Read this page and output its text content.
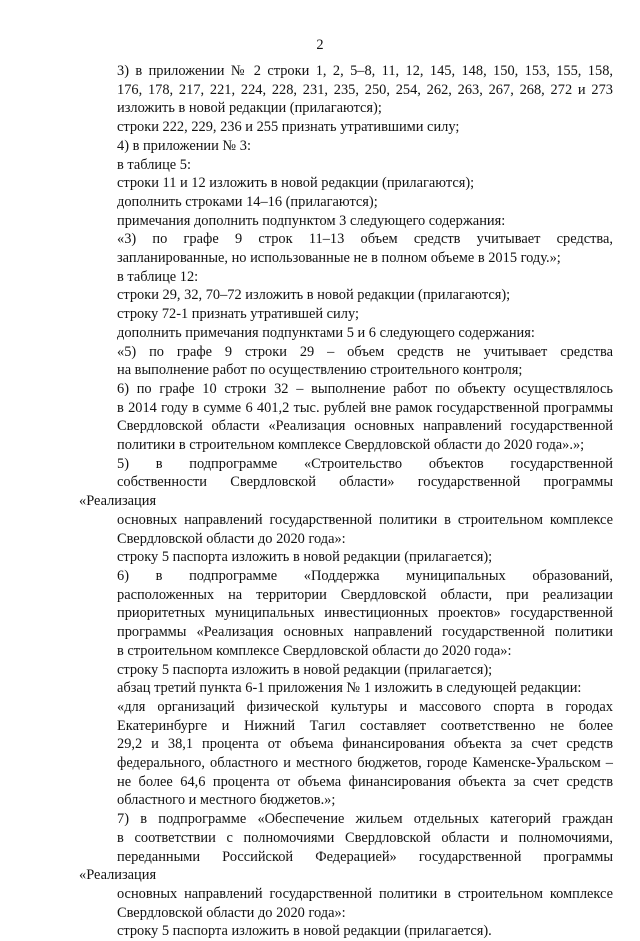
2

3) в приложении № 2 строки 1, 2, 5–8, 11, 12, 145, 148, 150, 153, 155, 158,
176, 178, 217, 221, 224, 228, 231, 235, 250, 254, 262, 263, 267, 268, 272 и 273
изложить в новой редакции (прилагаются);

строки 222, 229, 236 и 255 признать утратившими силу;
4) в приложении № 3:
в таблице 5:
строки 11 и 12 изложить в новой редакции (прилагаются);
дополнить строками 14–16 (прилагаются);
примечания дополнить подпунктом 3 следующего содержания:

«3) по графе 9 строк 11–13 объем средств учитывает средства,
запланированные, но использованные не в полном объеме в 2015 году.»;

в таблице 12:
строки 29, 32, 70–72 изложить в новой редакции (прилагаются);
строку 72-1 признать утратившей силу;
дополнить примечания подпунктами 5 и 6 следующего содержания:

«5) по графе 9 строки 29 – объем средств не учитывает средства
на выполнение работ по осуществлению строительного контроля;

6) по графе 10 строки 32 – выполнение работ по объекту осуществлялось
в 2014 году в сумме 6 401,2 тыс. рублей вне рамок государственной программы
Свердловской области «Реализация основных направлений государственной
политики в строительном комплексе Свердловской области до 2020 года».»;

5) в подпрограмме «Строительство объектов государственной
собственности Свердловской области» государственной программы «Реализация
основных направлений государственной политики в строительном комплексе
Свердловской области до 2020 года»:

строку 5 паспорта изложить в новой редакции (прилагается);

6) в подпрограмме «Поддержка муниципальных образований,
расположенных на территории Свердловской области, при реализации
приоритетных муниципальных инвестиционных проектов» государственной
программы «Реализация основных направлений государственной политики
в строительном комплексе Свердловской области до 2020 года»:

строку 5 паспорта изложить в новой редакции (прилагается);
абзац третий пункта 6-1 приложения № 1 изложить в следующей редакции:

«для организаций физической культуры и массового спорта в городах
Екатеринбурге и Нижний Тагил составляет соответственно не более
29,2 и 38,1 процента от объема финансирования объекта за счет средств
федерального, областного и местного бюджетов, городе Каменске-Уральском –
не более 64,6 процента от объема финансирования объекта за счет средств
областного и местного бюджетов.»;

7) в подпрограмме «Обеспечение жильем отдельных категорий граждан
в соответствии с полномочиями Свердловской области и полномочиями,
переданными Российской Федерацией» государственной программы «Реализация
основных направлений государственной политики в строительном комплексе
Свердловской области до 2020 года»:

строку 5 паспорта изложить в новой редакции (прилагается).
